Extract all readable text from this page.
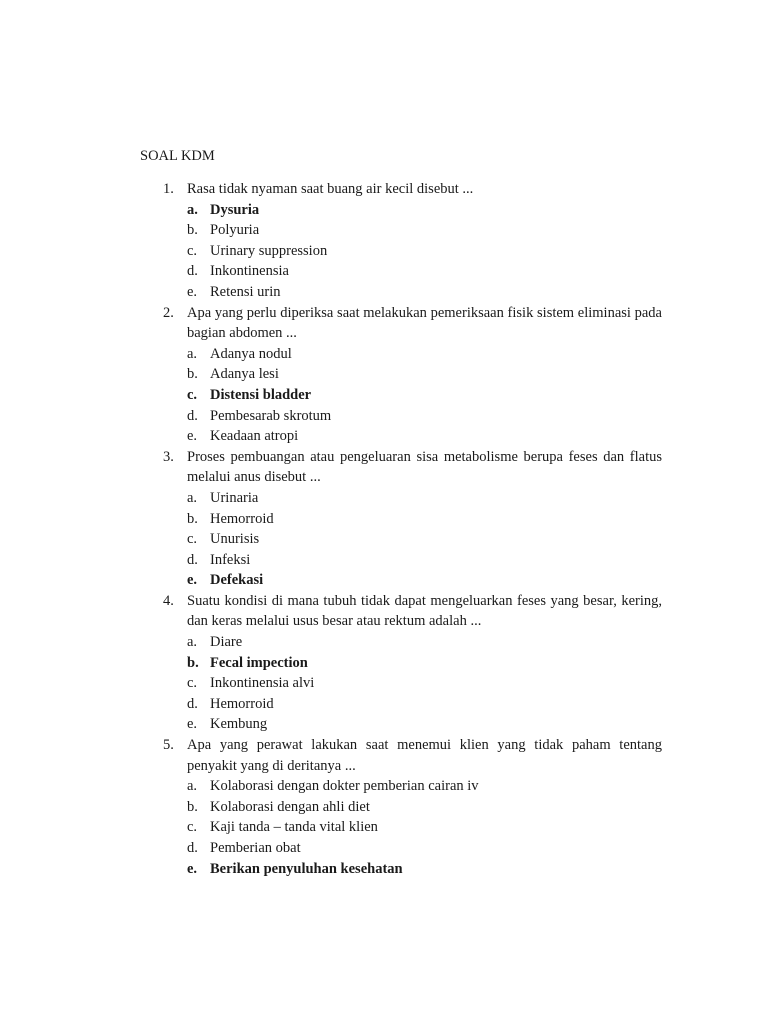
SOAL KDM
1. Rasa tidak nyaman saat buang air kecil disebut ...
a. Dysuria
b. Polyuria
c. Urinary suppression
d. Inkontinensia
e. Retensi urin
2. Apa yang perlu diperiksa saat melakukan pemeriksaan fisik sistem eliminasi pada bagian abdomen ...
a. Adanya nodul
b. Adanya lesi
c. Distensi bladder
d. Pembesarab skrotum
e. Keadaan atropi
3. Proses pembuangan atau pengeluaran sisa metabolisme berupa feses dan flatus melalui anus disebut ...
a. Urinaria
b. Hemorroid
c. Unurisis
d. Infeksi
e. Defekasi
4. Suatu kondisi di mana tubuh tidak dapat mengeluarkan feses yang besar, kering, dan keras melalui usus besar atau rektum adalah ...
a. Diare
b. Fecal impection
c. Inkontinensia alvi
d. Hemorroid
e. Kembung
5. Apa yang perawat lakukan saat menemui klien yang tidak paham tentang penyakit yang di deritanya ...
a. Kolaborasi dengan dokter pemberian cairan iv
b. Kolaborasi dengan ahli diet
c. Kaji tanda – tanda vital klien
d. Pemberian obat
e. Berikan penyuluhan kesehatan
